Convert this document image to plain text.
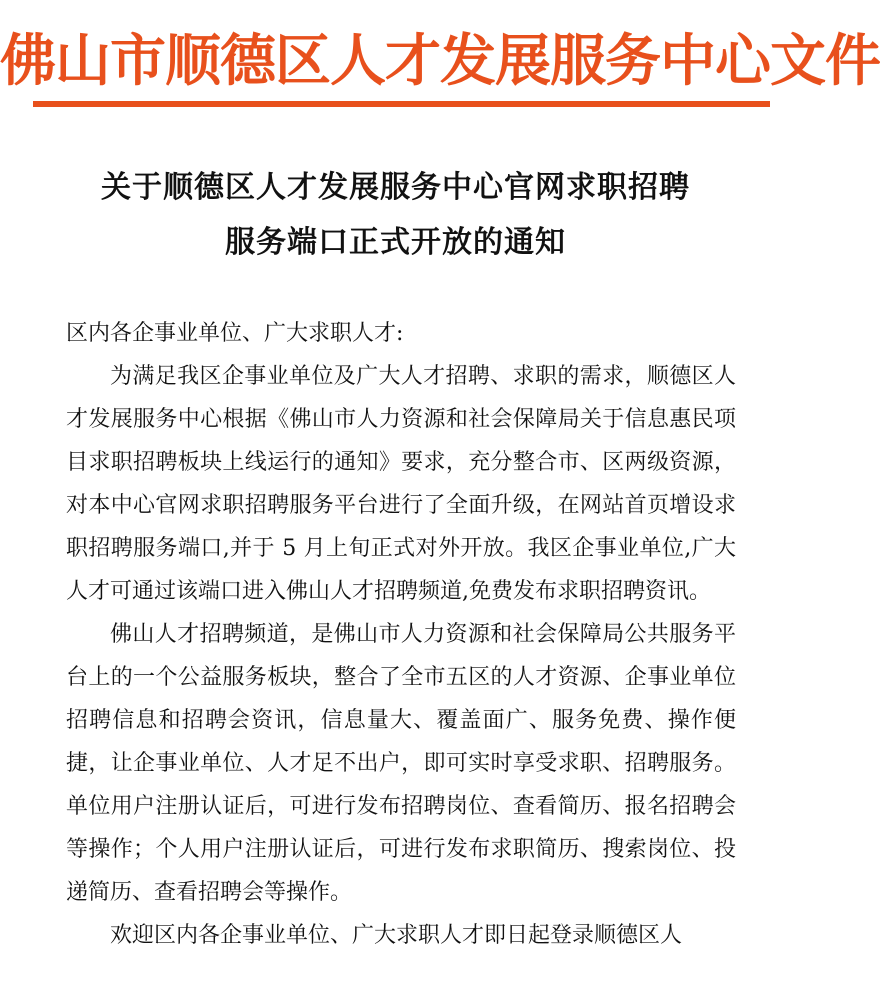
佛山市顺德区人才发展服务中心文件
关于顺德区人才发展服务中心官网求职招聘
服务端口正式开放的通知

区内各企事业单位、广大求职人才:

为满足我区企事业单位及广大人才招聘、求职的需求，顺德区人才发展服务中心根据《佛山市人力资源和社会保障局关于信息惠民项目求职招聘板块上线运行的通知》要求，充分整合市、区两级资源，对本中心官网求职招聘服务平台进行了全面升级，在网站首页增设求职招聘服务端口,并于 5 月上旬正式对外开放。我区企事业单位,广大人才可通过该端口进入佛山人才招聘频道,免费发布求职招聘资讯。

佛山人才招聘频道，是佛山市人力资源和社会保障局公共服务平台上的一个公益服务板块，整合了全市五区的人才资源、企事业单位招聘信息和招聘会资讯，信息量大、覆盖面广、服务免费、操作便捷，让企事业单位、人才足不出户，即可实时享受求职、招聘服务。单位用户注册认证后，可进行发布招聘岗位、查看简历、报名招聘会等操作；个人用户注册认证后，可进行发布求职简历、搜索岗位、投递简历、查看招聘会等操作。

欢迎区内各企事业单位、广大求职人才即日起登录顺德区人
